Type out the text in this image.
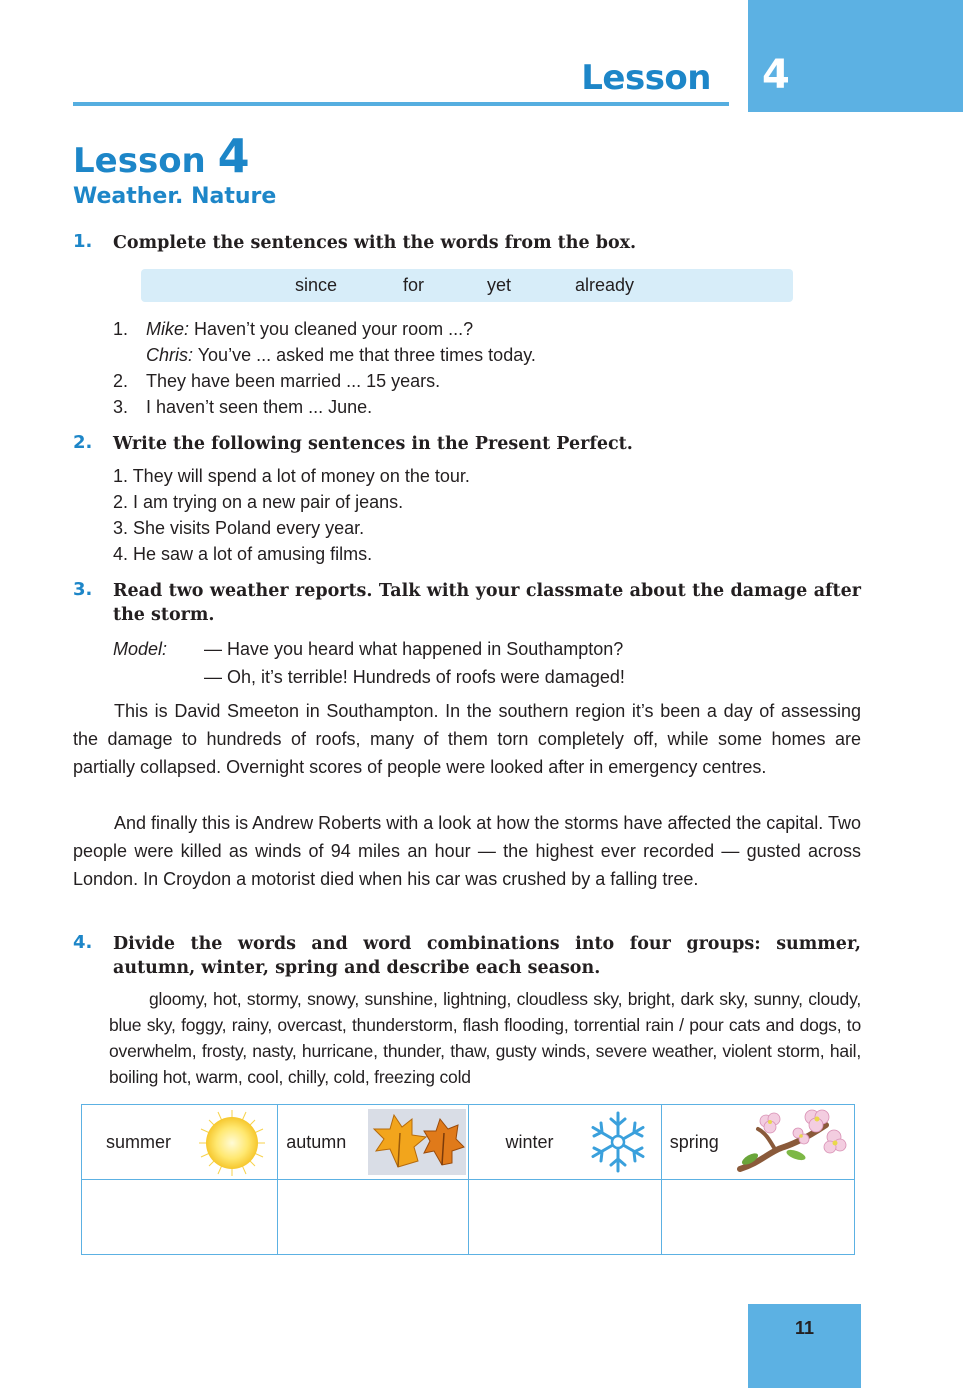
Lesson 4
Lesson 4
Weather. Nature
1. Complete the sentences with the words from the box.
since	for	yet	already
1. Mike: Haven’t you cleaned your room ...?
Chris: You’ve ... asked me that three times today.
2. They have been married ... 15 years.
3. I haven’t seen them ... June.
2. Write the following sentences in the Present Perfect.
1. They will spend a lot of money on the tour.
2. I am trying on a new pair of jeans.
3. She visits Poland every year.
4. He saw a lot of amusing films.
3. Read two weather reports. Talk with your classmate about the damage after the storm.
Model: — Have you heard what happened in Southampton?
— Oh, it’s terrible! Hundreds of roofs were damaged!
This is David Smeeton in Southampton. In the southern region it’s been a day of assessing the damage to hundreds of roofs, many of them torn completely off, while some homes are partially collapsed. Overnight scores of people were looked after in emergency centres.
And finally this is Andrew Roberts with a look at how the storms have affected the capital. Two people were killed as winds of 94 miles an hour — the highest ever recorded — gusted across London. In Croydon a motorist died when his car was crushed by a falling tree.
4. Divide the words and word combinations into four groups: summer, autumn, winter, spring and describe each season.
gloomy, hot, stormy, snowy, sunshine, lightning, cloudless sky, bright, dark sky, sunny, cloudy, blue sky, foggy, rainy, overcast, thunderstorm, flash flooding, torrential rain / pour cats and dogs, to overwhelm, frosty, nasty, hurricane, thunder, thaw, gusty winds, severe weather, violent storm, hail, boiling hot, warm, cool, chilly, cold, freezing cold
summer	autumn	winter	spring

11
